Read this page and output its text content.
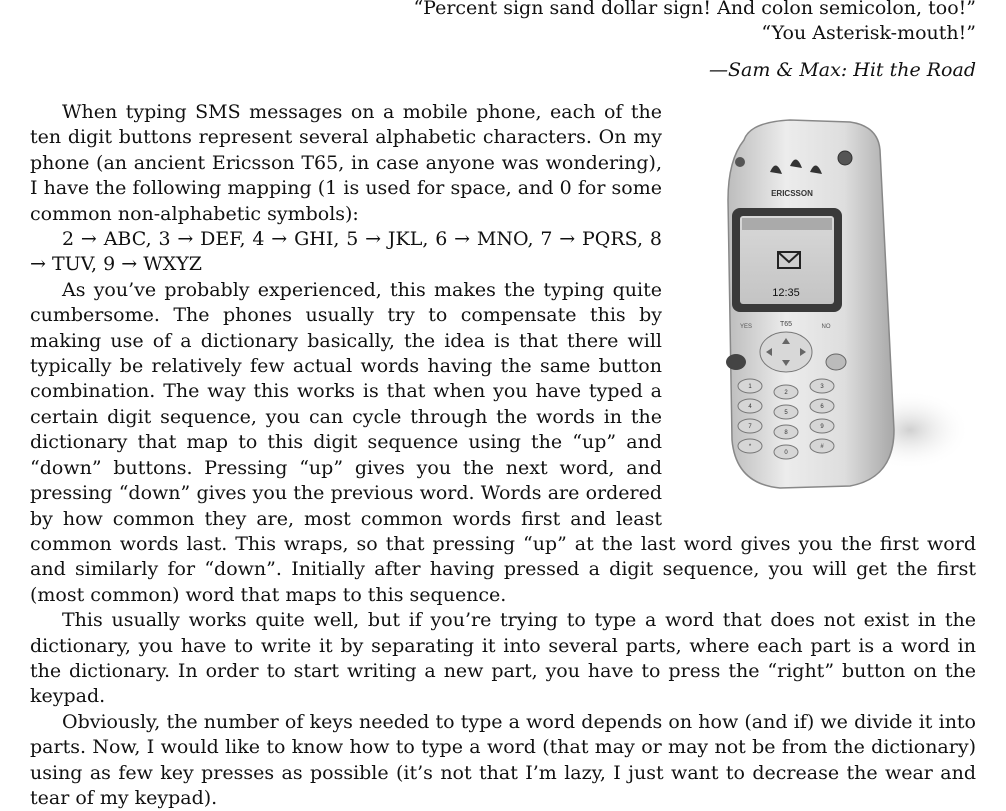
“Percent sign sand dollar sign! And colon semicolon, too!”
“You Asterisk-mouth!”
—Sam & Max: Hit the Road
ERICSSON
12:35
T65
YES	NO
1
2
3
4
5
6
7
8
9
*
0
#

When typing SMS messages on a mobile phone, each of the ten digit buttons represent several alphabetic characters. On my phone (an ancient Ericsson T65, in case anyone was wondering), I have the following mapping (1 is used for space, and 0 for some common non-alphabetic symbols):

2 → ABC, 3 → DEF, 4 → GHI, 5 → JKL, 6 → MNO, 7 → PQRS, 8 → TUV, 9 → WXYZ

As you’ve probably experienced, this makes the typing quite cumbersome. The phones usually try to compensate this by making use of a dictionary basically, the idea is that there will typically be relatively few actual words having the same button combination. The way this works is that when you have typed a certain digit sequence, you can cycle through the words in the dictionary that map to this digit sequence using the “up” and “down” buttons. Pressing “up” gives you the next word, and pressing “down” gives you the previous word. Words are ordered by how common they are, most common words first and least common words last. This wraps, so that pressing “up” at the last word gives you the first word and similarly for “down”. Initially after having pressed a digit sequence, you will get the first (most common) word that maps to this sequence.

This usually works quite well, but if you’re trying to type a word that does not exist in the dictionary, you have to write it by separating it into several parts, where each part is a word in the dictionary. In order to start writing a new part, you have to press the “right” button on the keypad.

Obviously, the number of keys needed to type a word depends on how (and if) we divide it into parts. Now, I would like to know how to type a word (that may or may not be from the dictionary) using as few key presses as possible (it’s not that I’m lazy, I just want to decrease the wear and tear of my keypad).
